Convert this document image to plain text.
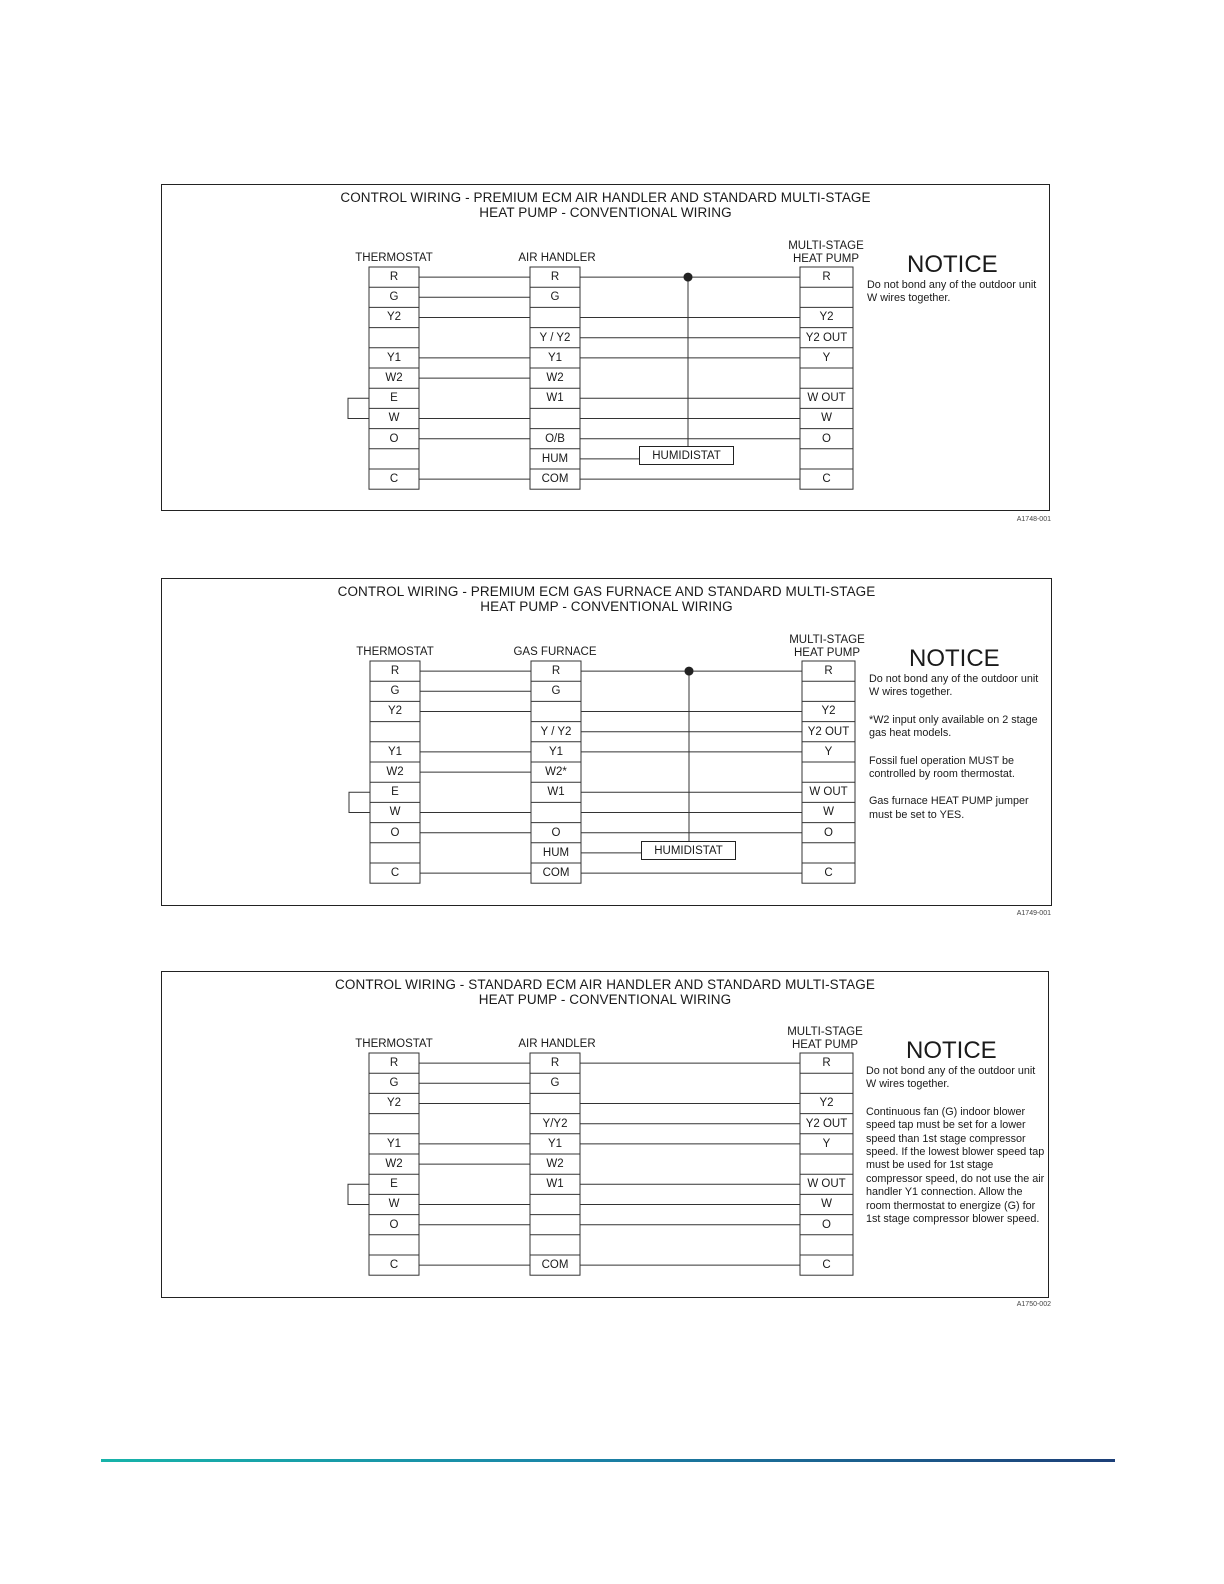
CONTROL WIRING - PREMIUM ECM AIR HANDLER AND STANDARD MULTI-STAGE
HEAT PUMP - CONVENTIONAL WIRING
THERMOSTAT	AIR HANDLER
MULTI-STAGE
HEAT PUMP
R
G
Y2
Y1
W2
E
W
O
C
R
G
Y / Y2
Y1
W2
W1
O/B
HUM
COM
R
Y2
Y2 OUT
Y
W OUT
W
O
C
HUMIDISTAT
NOTICE

Do not bond any of the outdoor unit W wires together.

A1748-001
CONTROL WIRING - PREMIUM ECM GAS FURNACE AND STANDARD MULTI-STAGE
HEAT PUMP - CONVENTIONAL WIRING
THERMOSTAT	GAS FURNACE
MULTI-STAGE
HEAT PUMP
R
G
Y2
Y1
W2
E
W
O
C
R
G
Y / Y2
Y1
W2*
W1
O
HUM
COM
R
Y2
Y2 OUT
Y
W OUT
W
O
C
HUMIDISTAT
NOTICE

Do not bond any of the outdoor unit W wires together.

*W2 input only available on 2 stage gas heat models.

Fossil fuel operation MUST be controlled by room thermostat.

Gas furnace HEAT PUMP jumper must be set to YES.

A1749-001
CONTROL WIRING - STANDARD ECM AIR HANDLER AND STANDARD MULTI-STAGE
HEAT PUMP - CONVENTIONAL WIRING
THERMOSTAT	AIR HANDLER
MULTI-STAGE
HEAT PUMP
R
G
Y2
Y1
W2
E
W
O
C
R
G
Y/Y2
Y1
W2
W1
COM
R
Y2
Y2 OUT
Y
W OUT
W
O
C
NOTICE

Do not bond any of the outdoor unit W wires together.

Continuous fan (G) indoor blower speed tap must be set for a lower speed than 1st stage compressor speed. If the lowest blower speed tap must be used for 1st stage compressor speed, do not use the air handler Y1 connection. Allow the room thermostat to energize (G) for 1st stage compressor blower speed.

A1750-002
